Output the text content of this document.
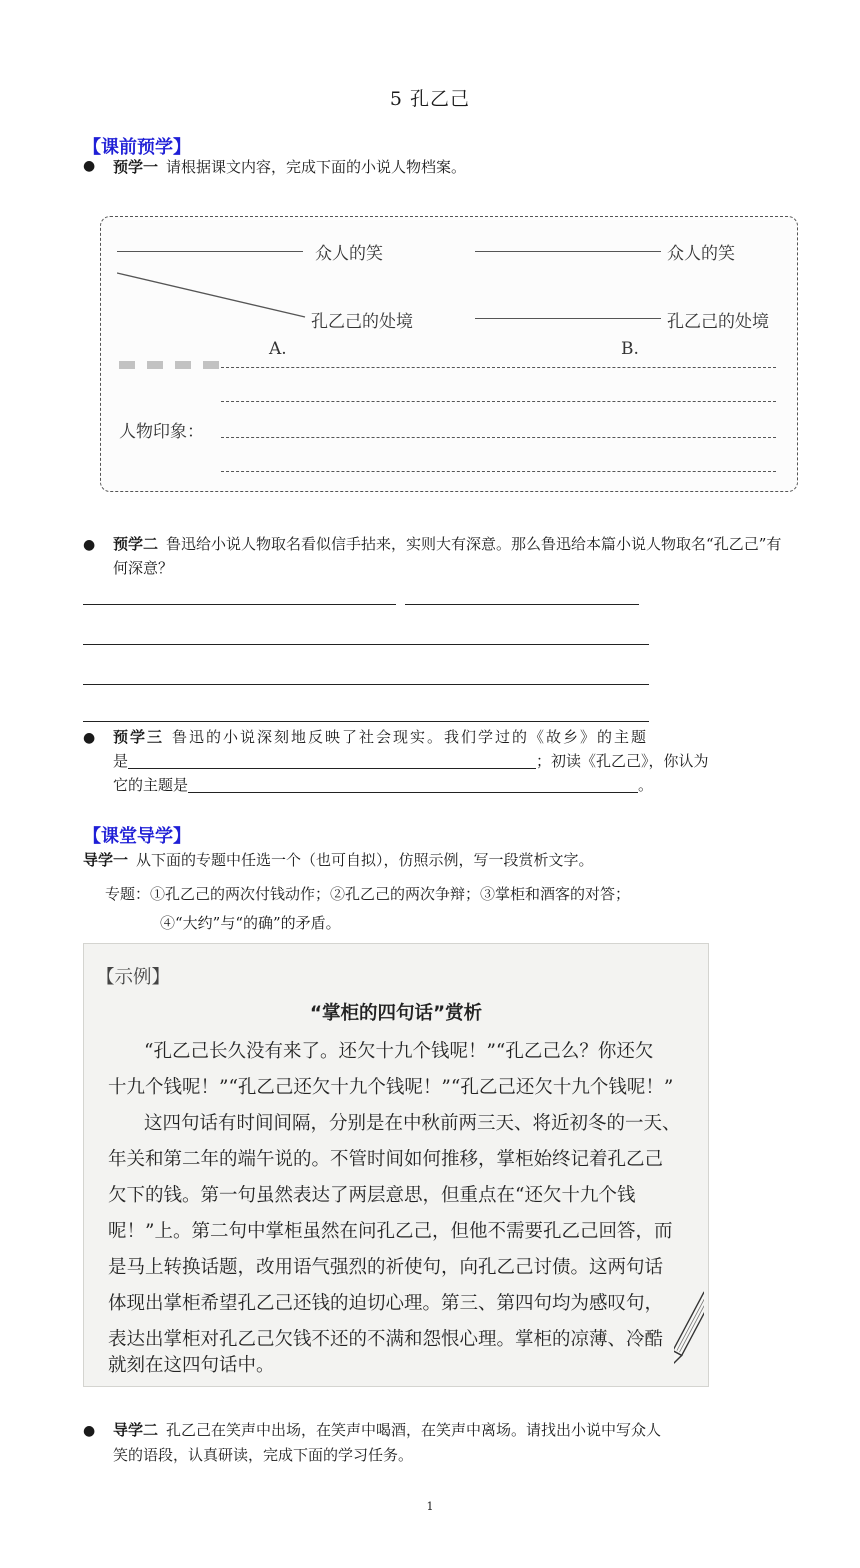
5 孔乙己
【课前预学】
● 预学一 请根据课文内容，完成下面的小说人物档案。
众人的笑	众人的笑
孔乙己的处境	孔乙己的处境
A.	B.
人物印象：
● 预学二 鲁迅给小说人物取名看似信手拈来，实则大有深意。那么鲁迅给本篇小说人物取名“孔乙己”有何深意？
● 预学三 鲁迅的小说深刻地反映了社会现实。我们学过的《故乡》的主题
是	；初读《孔乙己》，你认为
它的主题是	。
【课堂导学】
导学一 从下面的专题中任选一个（也可自拟），仿照示例，写一段赏析文字。
专题：①孔乙己的两次付钱动作；②孔乙己的两次争辩；③掌柜和酒客的对答；
④“大约”与“的确”的矛盾。
【示例】
“掌柜的四句话”赏析
“孔乙己长久没有来了。还欠十九个钱呢！”“孔乙己么？你还欠
十九个钱呢！”“孔乙己还欠十九个钱呢！”“孔乙己还欠十九个钱呢！”
这四句话有时间间隔，分别是在中秋前两三天、将近初冬的一天、
年关和第二年的端午说的。不管时间如何推移，掌柜始终记着孔乙己
欠下的钱。第一句虽然表达了两层意思，但重点在“还欠十九个钱
呢！”上。第二句中掌柜虽然在问孔乙己，但他不需要孔乙己回答，而
是马上转换话题，改用语气强烈的祈使句，向孔乙己讨债。这两句话
体现出掌柜希望孔乙己还钱的迫切心理。第三、第四句均为感叹句，
表达出掌柜对孔乙己欠钱不还的不满和怨恨心理。掌柜的凉薄、冷酷
就刻在这四句话中。
● 导学二 孔乙己在笑声中出场，在笑声中喝酒，在笑声中离场。请找出小说中写众人
笑的语段，认真研读，完成下面的学习任务。
1
